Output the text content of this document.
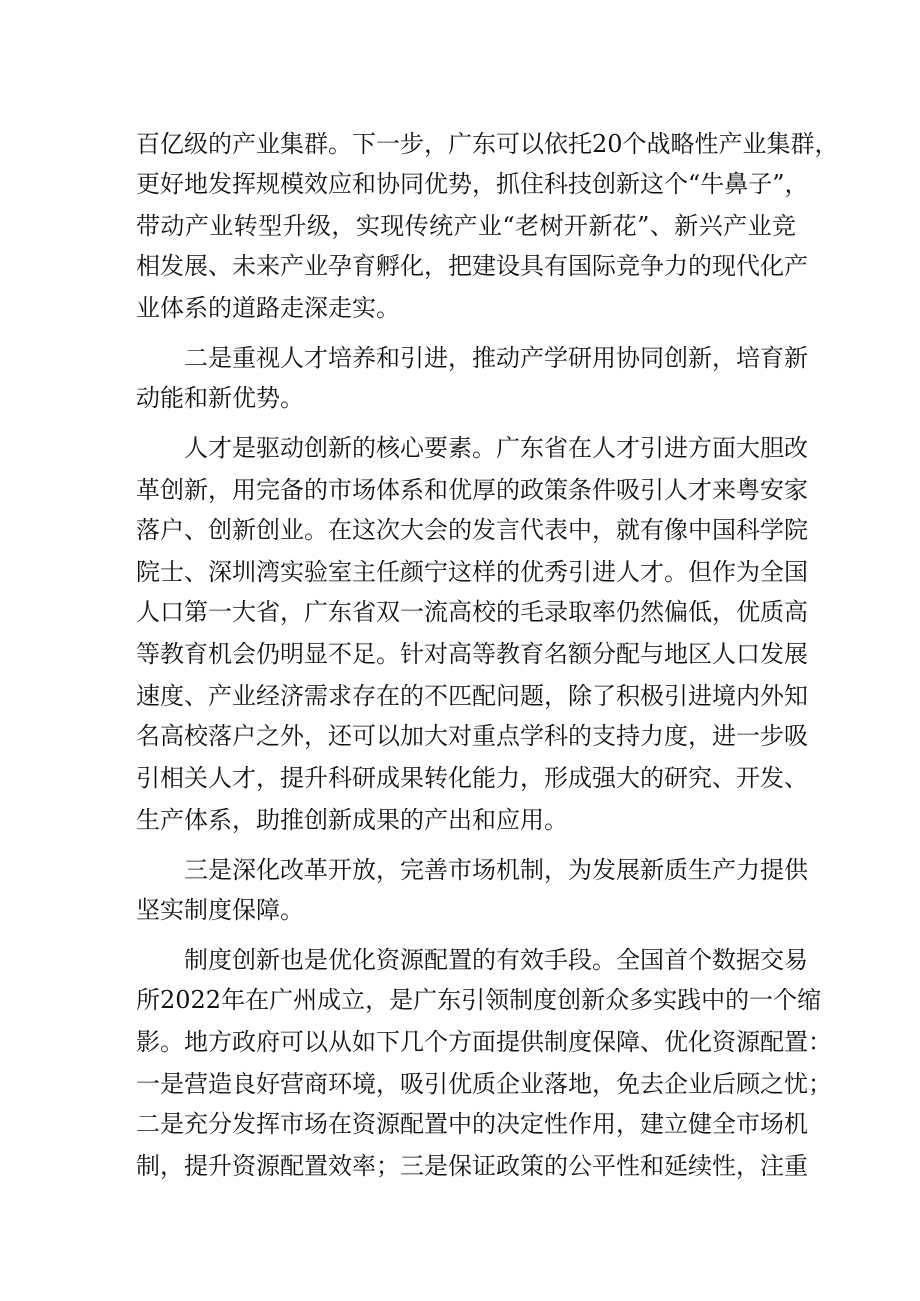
百亿级的产业集群。下一步，广东可以依托20个战略性产业集群，
更好地发挥规模效应和协同优势，抓住科技创新这个“牛鼻子”，
带动产业转型升级，实现传统产业“老树开新花”、新兴产业竞
相发展、未来产业孕育孵化，把建设具有国际竞争力的现代化产
业体系的道路走深走实。
二是重视人才培养和引进，推动产学研用协同创新，培育新
动能和新优势。
人才是驱动创新的核心要素。广东省在人才引进方面大胆改
革创新，用完备的市场体系和优厚的政策条件吸引人才来粤安家
落户、创新创业。在这次大会的发言代表中，就有像中国科学院
院士、深圳湾实验室主任颜宁这样的优秀引进人才。但作为全国
人口第一大省，广东省双一流高校的毛录取率仍然偏低，优质高
等教育机会仍明显不足。针对高等教育名额分配与地区人口发展
速度、产业经济需求存在的不匹配问题，除了积极引进境内外知
名高校落户之外，还可以加大对重点学科的支持力度，进一步吸
引相关人才，提升科研成果转化能力，形成强大的研究、开发、
生产体系，助推创新成果的产出和应用。
三是深化改革开放，完善市场机制，为发展新质生产力提供
坚实制度保障。
制度创新也是优化资源配置的有效手段。全国首个数据交易
所2022年在广州成立，是广东引领制度创新众多实践中的一个缩
影。地方政府可以从如下几个方面提供制度保障、优化资源配置：
一是营造良好营商环境，吸引优质企业落地，免去企业后顾之忧；
二是充分发挥市场在资源配置中的决定性作用，建立健全市场机
制，提升资源配置效率；三是保证政策的公平性和延续性，注重
